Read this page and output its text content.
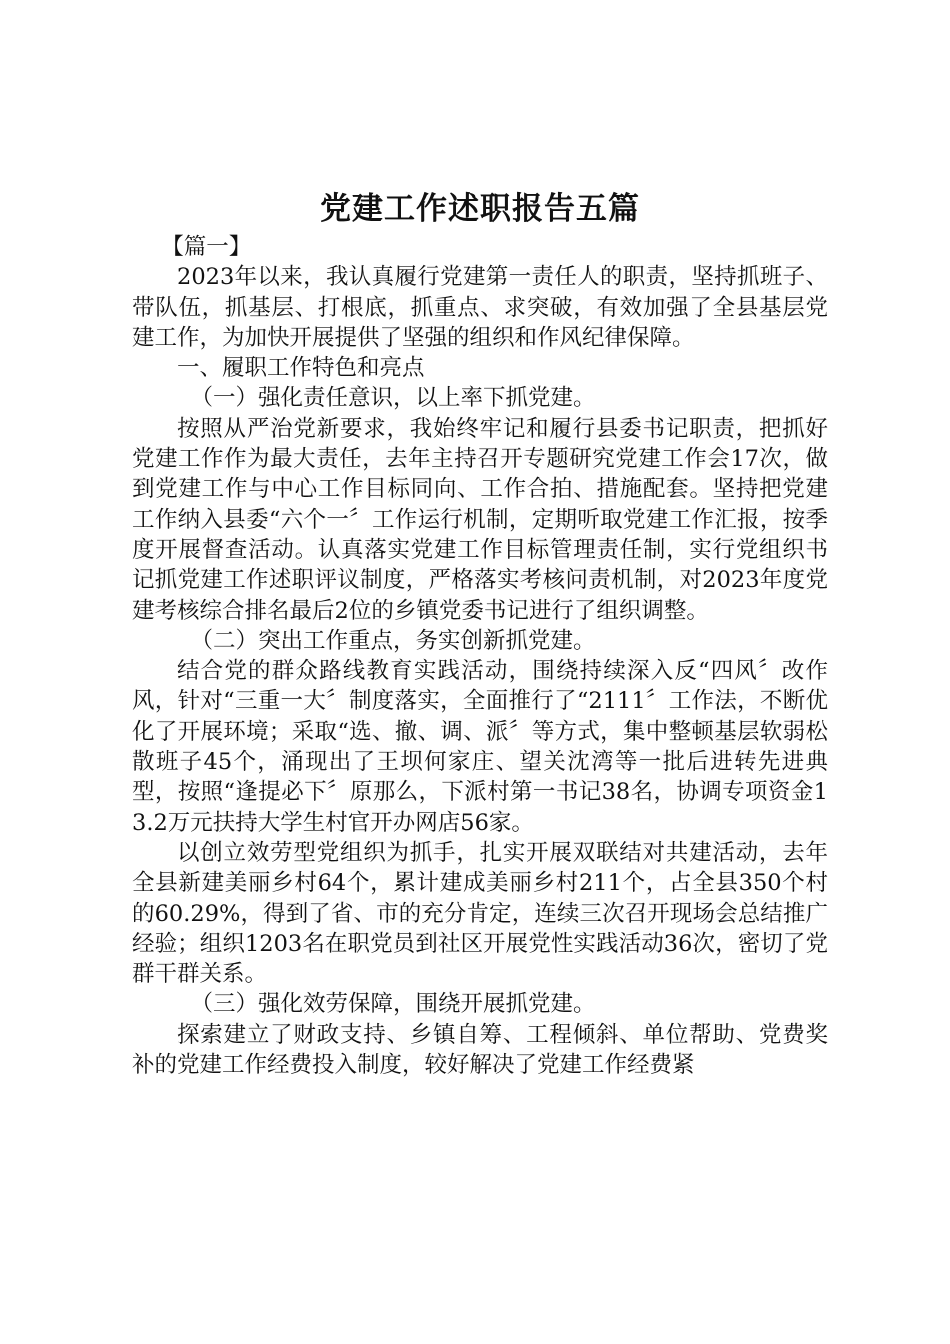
党建工作述职报告五篇

【篇一】

2023年以来，我认真履行党建第一责任人的职责，坚持抓班子、带队伍，抓基层、打根底，抓重点、求突破，有效加强了全县基层党建工作，为加快开展提供了坚强的组织和作风纪律保障。

一、履职工作特色和亮点

（一）强化责任意识，以上率下抓党建。

按照从严治党新要求，我始终牢记和履行县委书记职责，把抓好党建工作作为最大责任，去年主持召开专题研究党建工作会17次，做到党建工作与中心工作目标同向、工作合拍、措施配套。坚持把党建工作纳入县委“六个一〞工作运行机制，定期听取党建工作汇报，按季度开展督查活动。认真落实党建工作目标管理责任制，实行党组织书记抓党建工作述职评议制度，严格落实考核问责机制，对2023年度党建考核综合排名最后2位的乡镇党委书记进行了组织调整。

（二）突出工作重点，务实创新抓党建。

结合党的群众路线教育实践活动，围绕持续深入反“四风〞改作风，针对“三重一大〞制度落实，全面推行了“2111〞工作法，不断优化了开展环境；采取“选、撤、调、派〞等方式，集中整顿基层软弱松散班子45个，涌现出了王坝何家庄、望关沈湾等一批后进转先进典型，按照“逢提必下〞原那么，下派村第一书记38名，协调专项资金13.2万元扶持大学生村官开办网店56家。

以创立效劳型党组织为抓手，扎实开展双联结对共建活动，去年全县新建美丽乡村64个，累计建成美丽乡村211个，占全县350个村的60.29%，得到了省、市的充分肯定，连续三次召开现场会总结推广经验；组织1203名在职党员到社区开展党性实践活动36次，密切了党群干群关系。

（三）强化效劳保障，围绕开展抓党建。

探索建立了财政支持、乡镇自筹、工程倾斜、单位帮助、党费奖补的党建工作经费投入制度，较好解决了党建工作经费紧
